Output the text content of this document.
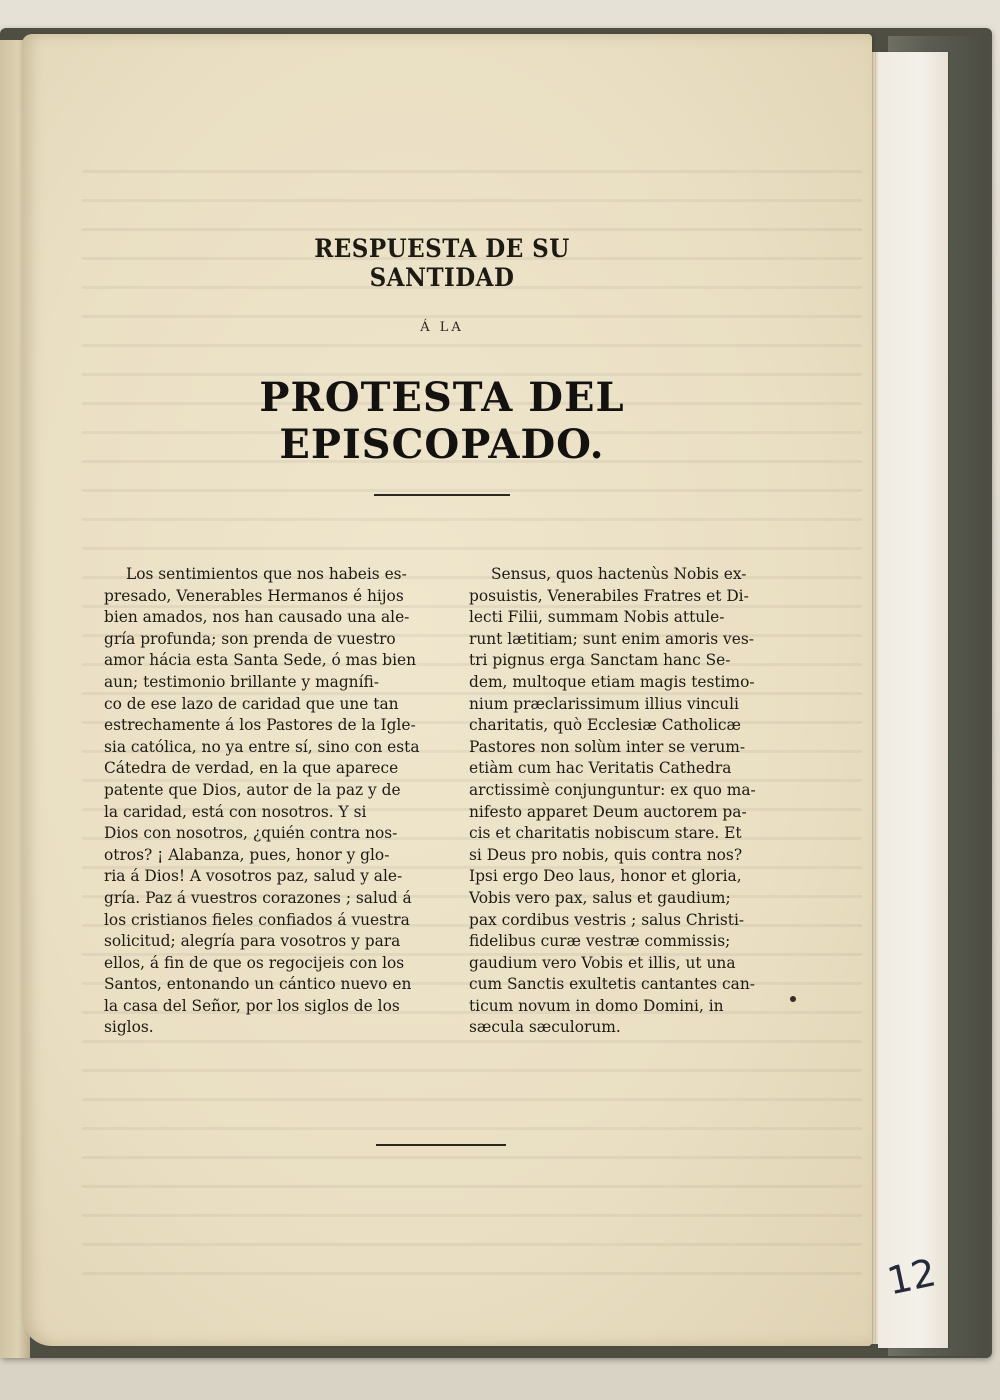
RESPUESTA DE SU SANTIDAD
Á LA
PROTESTA DEL EPISCOPADO.
Los sentimientos que nos habeis es-
presado, Venerables Hermanos é hijos
bien amados, nos han causado una ale-
gría profunda; son prenda de vuestro
amor hácia esta Santa Sede, ó mas bien
aun; testimonio brillante y magnífi-
co de ese lazo de caridad que une tan
estrechamente á los Pastores de la Igle-
sia católica, no ya entre sí, sino con esta
Cátedra de verdad, en la que aparece
patente que Dios, autor de la paz y de
la caridad, está con nosotros. Y si
Dios con nosotros, ¿quién contra nos-
otros? ¡ Alabanza, pues, honor y glo-
ria á Dios! A vosotros paz, salud y ale-
gría. Paz á vuestros corazones ; salud á
los cristianos fieles confiados á vuestra
solicitud; alegría para vosotros y para
ellos, á fin de que os regocijeis con los
Santos, entonando un cántico nuevo en
la casa del Señor, por los siglos de los
siglos.
Sensus, quos hactenùs Nobis ex-
posuistis, Venerabiles Fratres et Di-
lecti Filii, summam Nobis attule-
runt lætitiam; sunt enim amoris ves-
tri pignus erga Sanctam hanc Se-
dem, multoque etiam magis testimo-
nium præclarissimum illius vinculi
charitatis, quò Ecclesiæ Catholicæ
Pastores non solùm inter se verum-
etiàm cum hac Veritatis Cathedra
arctissimè conjunguntur: ex quo ma-
nifesto apparet Deum auctorem pa-
cis et charitatis nobiscum stare. Et
si Deus pro nobis, quis contra nos?
Ipsi ergo Deo laus, honor et gloria,
Vobis vero pax, salus et gaudium;
pax cordibus vestris ; salus Christi-
fidelibus curæ vestræ commissis;
gaudium vero Vobis et illis, ut una
cum Sanctis exultetis cantantes can-
ticum novum in domo Domini, in
sæcula sæculorum.
12
